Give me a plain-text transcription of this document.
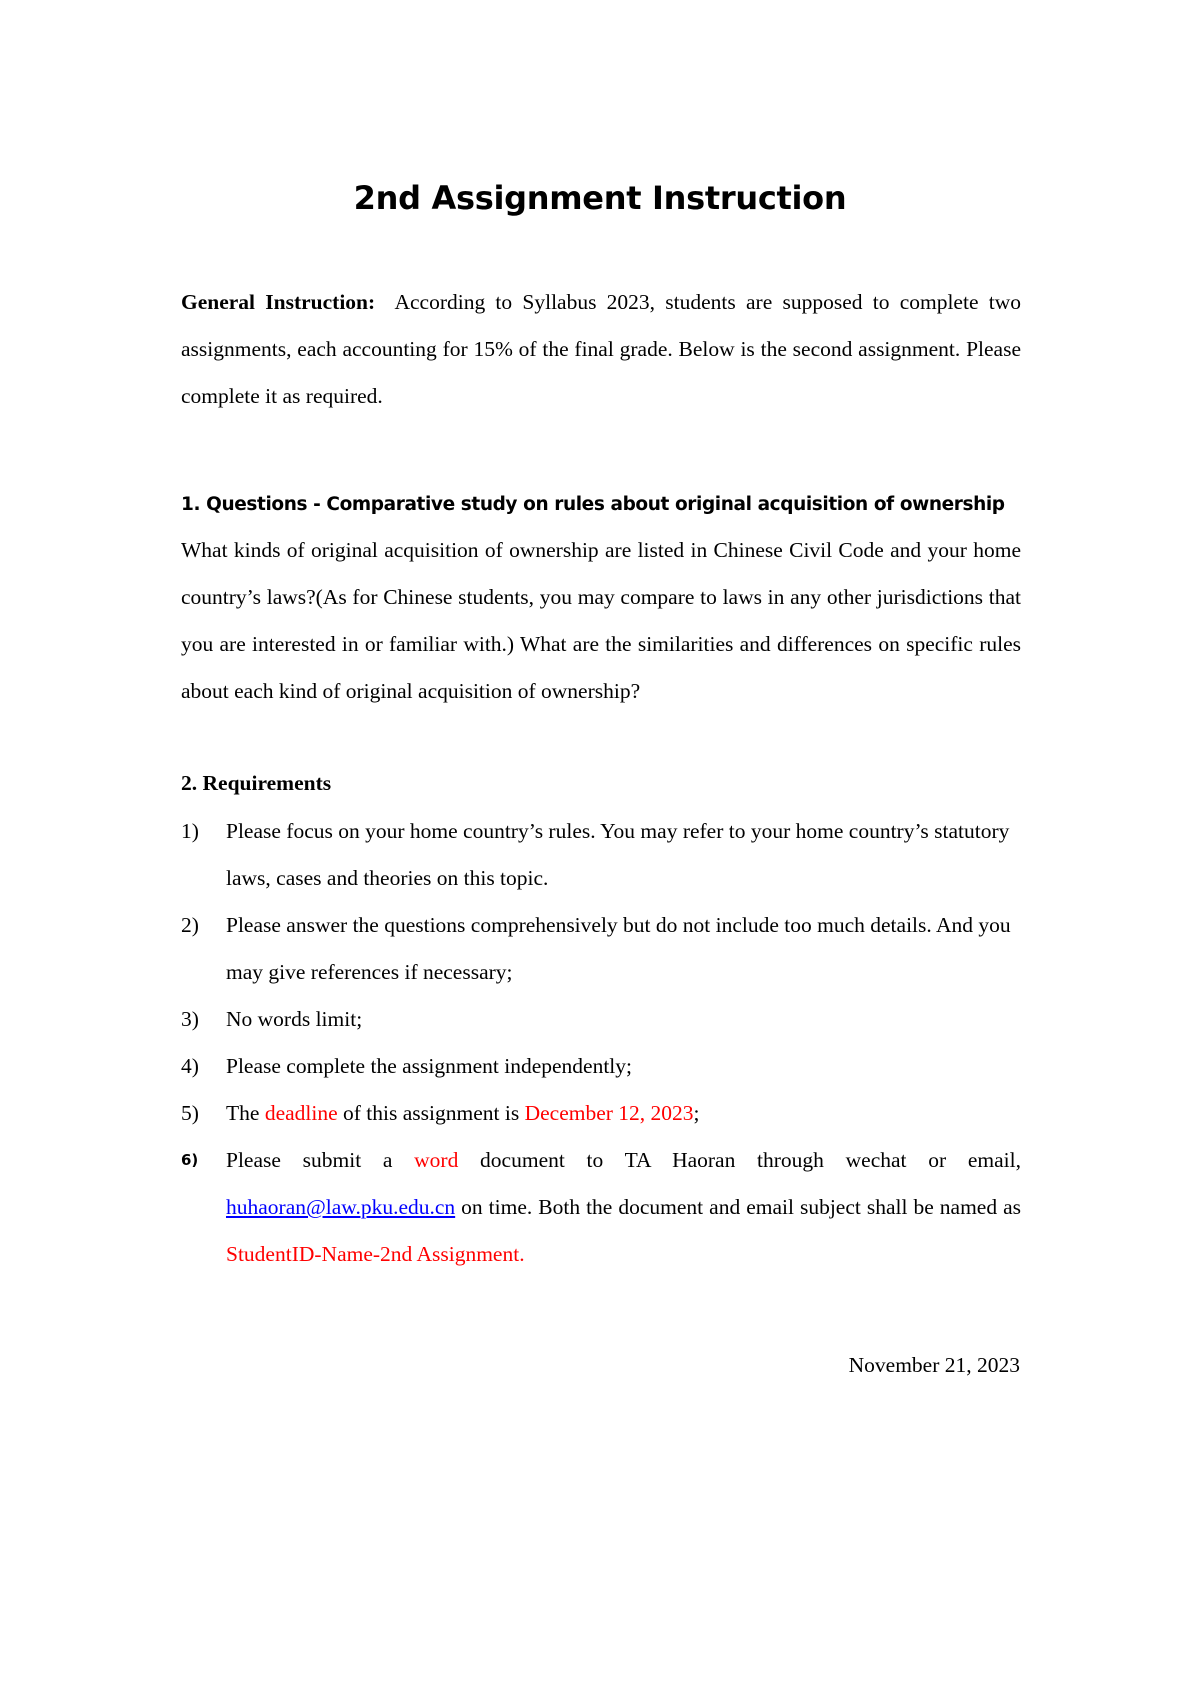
2nd Assignment Instruction
General Instruction: According to Syllabus 2023, students are supposed to complete two assignments, each accounting for 15% of the final grade. Below is the second assignment. Please complete it as required.
1. Questions - Comparative study on rules about original acquisition of ownership
What kinds of original acquisition of ownership are listed in Chinese Civil Code and your home country’s laws?(As for Chinese students, you may compare to laws in any other jurisdictions that you are interested in or familiar with.) What are the similarities and differences on specific rules about each kind of original acquisition of ownership?
2. Requirements
1) Please focus on your home country’s rules. You may refer to your home country’s statutory laws, cases and theories on this topic.
2) Please answer the questions comprehensively but do not include too much details. And you may give references if necessary;
3) No words limit;
4) Please complete the assignment independently;
5) The deadline of this assignment is December 12, 2023;
6) Please submit a word document to TA Haoran through wechat or email, huhaoran@law.pku.edu.cn on time. Both the document and email subject shall be named as StudentID-Name-2nd Assignment.
November 21, 2023
